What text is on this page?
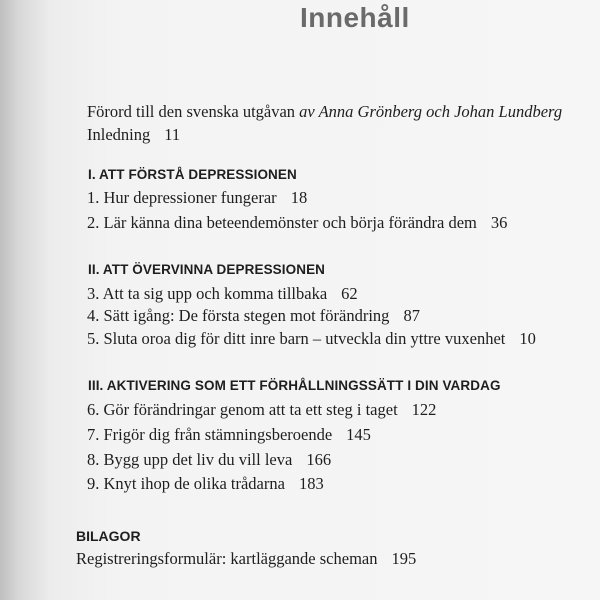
Innehåll
Förord till den svenska utgåvan av Anna Grönberg och Johan Lundberg
Inledning 11
I. ATT FÖRSTÅ DEPRESSIONEN
1. Hur depressioner fungerar 18
2. Lär känna dina beteendemönster och börja förändra dem 36
II. ATT ÖVERVINNA DEPRESSIONEN
3. Att ta sig upp och komma tillbaka 62
4. Sätt igång: De första stegen mot förändring 87
5. Sluta oroa dig för ditt inre barn – utveckla din yttre vuxenhet 10
III. AKTIVERING SOM ETT FÖRHÅLLNINGSSÄTT I DIN VARDAG
6. Gör förändringar genom att ta ett steg i taget 122
7. Frigör dig från stämningsberoende 145
8. Bygg upp det liv du vill leva 166
9. Knyt ihop de olika trådarna 183
BILAGOR
Registreringsformulär: kartläggande scheman 195
